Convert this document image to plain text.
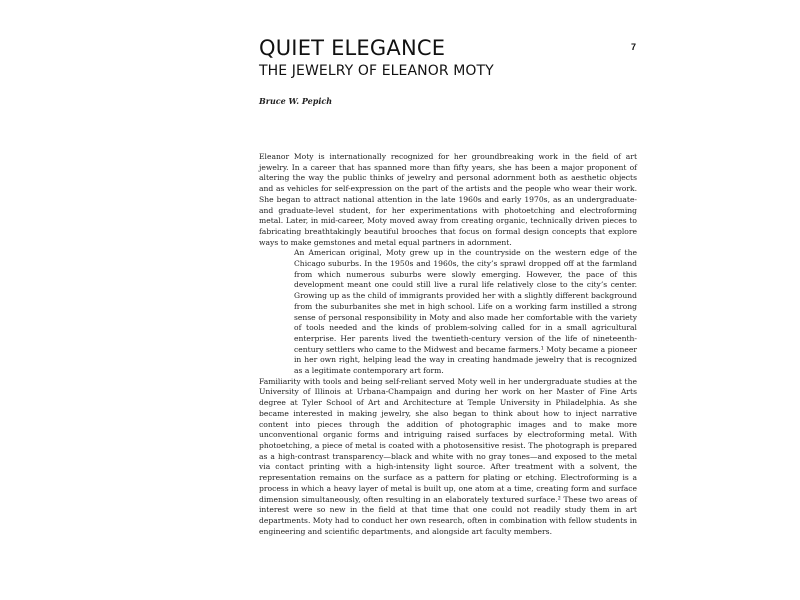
7
QUIET ELEGANCE
THE JEWELRY OF ELEANOR MOTY
Bruce W. Pepich

Eleanor Moty is internationally recognized for her groundbreaking work in the field of art jewelry. In a career that has spanned more than fifty years, she has been a major proponent of altering the way the public thinks of jewelry and personal adornment both as aesthetic objects and as vehicles for self-expression on the part of the artists and the people who wear their work. She began to attract national attention in the late 1960s and early 1970s, as an undergraduate- and graduate-level student, for her experimentations with photoetching and electroforming metal. Later, in mid-career, Moty moved away from creating organic, technically driven pieces to fabricating breathtakingly beautiful brooches that focus on formal design concepts that explore ways to make gemstones and metal equal partners in adornment.

An American original, Moty grew up in the countryside on the western edge of the Chicago suburbs. In the 1950s and 1960s, the city’s sprawl dropped off at the farmland from which numerous suburbs were slowly emerging. However, the pace of this development meant one could still live a rural life relatively close to the city’s center. Growing up as the child of immigrants provided her with a slightly different background from the suburbanites she met in high school. Life on a working farm instilled a strong sense of personal responsibility in Moty and also made her comfortable with the variety of tools needed and the kinds of problem-solving called for in a small agricultural enterprise. Her parents lived the twentieth-century version of the life of nineteenth-century settlers who came to the Midwest and became farmers.¹ Moty became a pioneer in her own right, helping lead the way in creating handmade jewelry that is recognized as a legitimate contemporary art form.

Familiarity with tools and being self-reliant served Moty well in her undergraduate studies at the University of Illinois at Urbana-Champaign and during her work on her Master of Fine Arts degree at Tyler School of Art and Architecture at Temple University in Philadelphia. As she became interested in making jewelry, she also began to think about how to inject narrative content into pieces through the addition of photographic images and to make more unconventional organic forms and intriguing raised surfaces by electroforming metal. With photoetching, a piece of metal is coated with a photosensitive resist. The photograph is prepared as a high-contrast transparency—black and white with no gray tones—and exposed to the metal via contact printing with a high-intensity light source. After treatment with a solvent, the representation remains on the surface as a pattern for plating or etching. Electroforming is a process in which a heavy layer of metal is built up, one atom at a time, creating form and surface dimension simultaneously, often resulting in an elaborately textured surface.² These two areas of interest were so new in the field at that time that one could not readily study them in art departments. Moty had to conduct her own research, often in combination with fellow students in engineering and scientific departments, and alongside art faculty members.
